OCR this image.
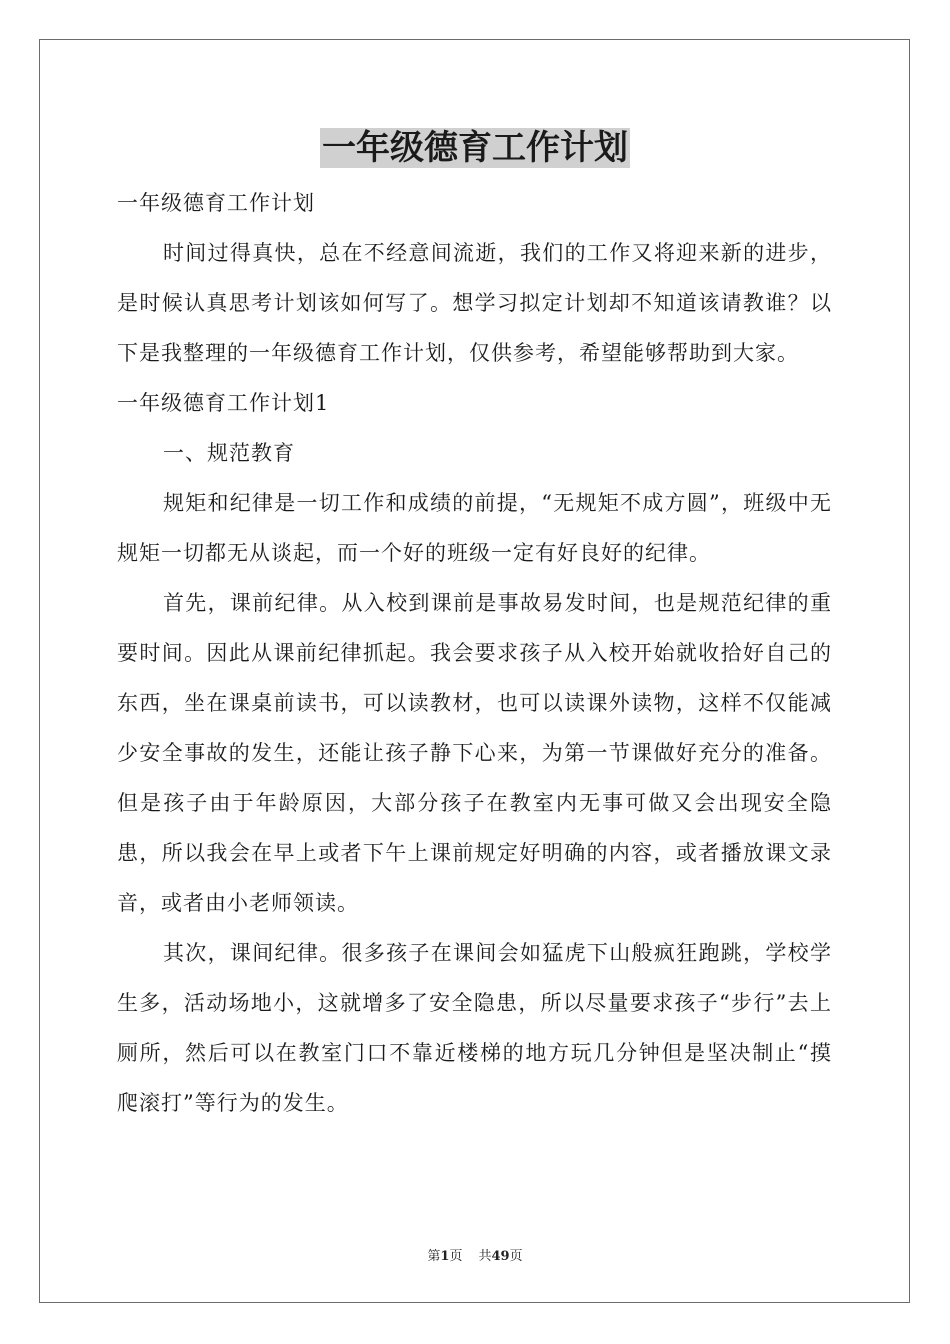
一年级德育工作计划

一年级德育工作计划

时间过得真快，总在不经意间流逝，我们的工作又将迎来新的进步，是时候认真思考计划该如何写了。想学习拟定计划却不知道该请教谁？以下是我整理的一年级德育工作计划，仅供参考，希望能够帮助到大家。

一年级德育工作计划1

一、规范教育

规矩和纪律是一切工作和成绩的前提，“无规矩不成方圆”，班级中无规矩一切都无从谈起，而一个好的班级一定有好良好的纪律。

首先，课前纪律。从入校到课前是事故易发时间，也是规范纪律的重要时间。因此从课前纪律抓起。我会要求孩子从入校开始就收拾好自己的东西，坐在课桌前读书，可以读教材，也可以读课外读物，这样不仅能减少安全事故的发生，还能让孩子静下心来，为第一节课做好充分的准备。但是孩子由于年龄原因，大部分孩子在教室内无事可做又会出现安全隐患，所以我会在早上或者下午上课前规定好明确的内容，或者播放课文录音，或者由小老师领读。

其次，课间纪律。很多孩子在课间会如猛虎下山般疯狂跑跳，学校学生多，活动场地小，这就增多了安全隐患，所以尽量要求孩子“步行”去上厕所，然后可以在教室门口不靠近楼梯的地方玩几分钟但是坚决制止“摸爬滚打”等行为的发生。

第1页 共49页
